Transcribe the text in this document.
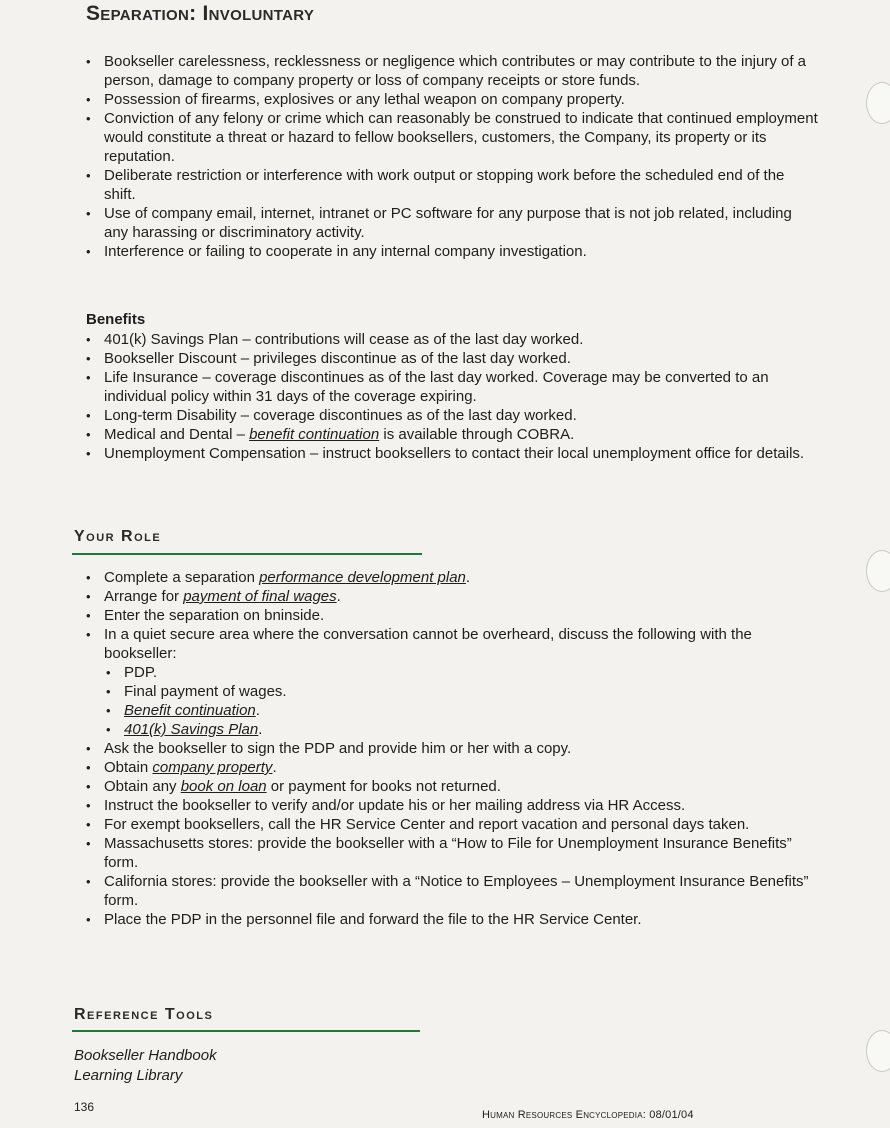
Separation: Involuntary
• Bookseller carelessness, recklessness or negligence which contributes or may contribute to the injury of a person, damage to company property or loss of company receipts or store funds.
• Possession of firearms, explosives or any lethal weapon on company property.
• Conviction of any felony or crime which can reasonably be construed to indicate that continued employment would constitute a threat or hazard to fellow booksellers, customers, the Company, its property or its reputation.
• Deliberate restriction or interference with work output or stopping work before the scheduled end of the shift.
• Use of company email, internet, intranet or PC software for any purpose that is not job related, including any harassing or discriminatory activity.
• Interference or failing to cooperate in any internal company investigation.
Benefits
• 401(k) Savings Plan – contributions will cease as of the last day worked.
• Bookseller Discount – privileges discontinue as of the last day worked.
• Life Insurance – coverage discontinues as of the last day worked. Coverage may be converted to an individual policy within 31 days of the coverage expiring.
• Long-term Disability – coverage discontinues as of the last day worked.
• Medical and Dental – benefit continuation is available through COBRA.
• Unemployment Compensation – instruct booksellers to contact their local unemployment office for details.
Your Role
• Complete a separation performance development plan.
• Arrange for payment of final wages.
• Enter the separation on bninside.
• In a quiet secure area where the conversation cannot be overheard, discuss the following with the bookseller:
• PDP.
• Final payment of wages.
• Benefit continuation.
• 401(k) Savings Plan.
• Ask the bookseller to sign the PDP and provide him or her with a copy.
• Obtain company property.
• Obtain any book on loan or payment for books not returned.
• Instruct the bookseller to verify and/or update his or her mailing address via HR Access.
• For exempt booksellers, call the HR Service Center and report vacation and personal days taken.
• Massachusetts stores: provide the bookseller with a “How to File for Unemployment Insurance Benefits” form.
• California stores: provide the bookseller with a “Notice to Employees – Unemployment Insurance Benefits” form.
• Place the PDP in the personnel file and forward the file to the HR Service Center.
Reference Tools
Bookseller Handbook
Learning Library
136
Human Resources Encyclopedia: 08/01/04
